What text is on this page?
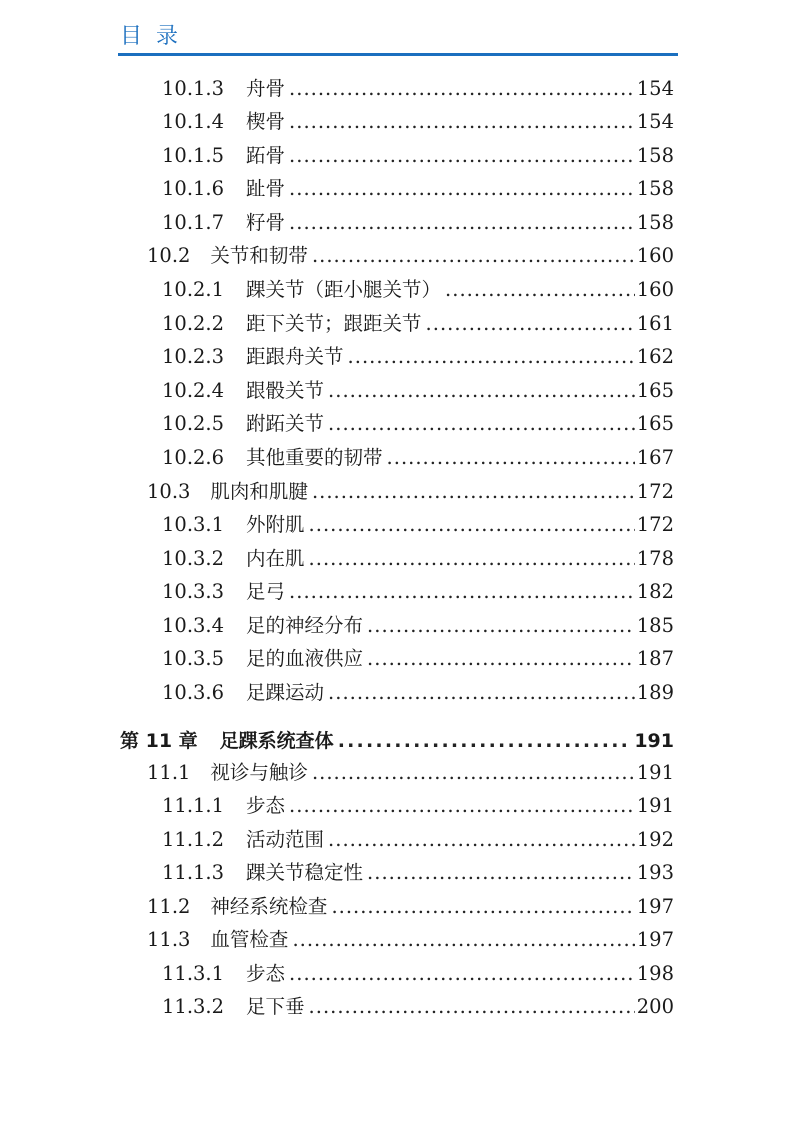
目录
10.1.3 舟骨 . . .	154
10.1.4 楔骨 . . .	154
10.1.5 跖骨 . . .	158
10.1.6 趾骨 . . .	158
10.1.7 籽骨 . . .	158
10.2 关节和韧带 . . .	160
10.2.1 踝关节（距小腿关节） . . .	160
10.2.2 距下关节；跟距关节 . . .	161
10.2.3 距跟舟关节 . . .	162
10.2.4 跟骰关节 . . .	165
10.2.5 跗跖关节 . . .	165
10.2.6 其他重要的韧带 . . .	167
10.3 肌肉和肌腱 . . .	172
10.3.1 外附肌 . . .	172
10.3.2 内在肌 . . .	178
10.3.3 足弓 . . .	182
10.3.4 足的神经分布 . . .	185
10.3.5 足的血液供应 . . .	187
10.3.6 足踝运动 . . .	189
第 11 章 足踝系统查体 . . .	191
11.1 视诊与触诊 . . .	191
11.1.1 步态 . . .	191
11.1.2 活动范围 . . .	192
11.1.3 踝关节稳定性 . . .	193
11.2 神经系统检查 . . .	197
11.3 血管检查 . . .	197
11.3.1 步态 . . .	198
11.3.2 足下垂 . . .	200
